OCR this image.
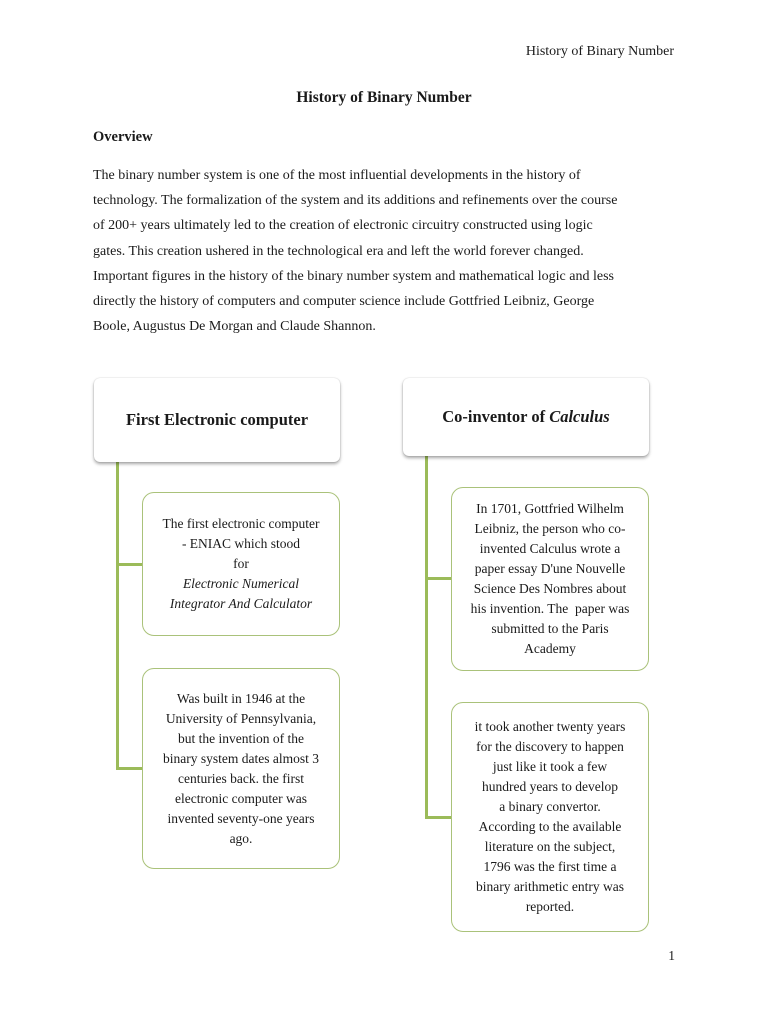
History of Binary Number
History of Binary Number
Overview
The binary number system is one of the most influential developments in the history of
technology. The formalization of the system and its additions and refinements over the course
of 200+ years ultimately led to the creation of electronic circuitry constructed using logic
gates. This creation ushered in the technological era and left the world forever changed.
Important figures in the history of the binary number system and mathematical logic and less
directly the history of computers and computer science include Gottfried Leibniz, George
Boole, Augustus De Morgan and Claude Shannon.
First Electronic computer	Co-inventor of Calculus
The first electronic computer
- ENIAC which stood
for
Electronic Numerical
Integrator And Calculator
Was built in 1946 at the
University of Pennsylvania,
but the invention of the
binary system dates almost 3
centuries back. the first
electronic computer was
invented seventy-one years
ago.
In 1701, Gottfried Wilhelm
Leibniz, the person who co-
invented Calculus wrote a
paper essay D'une Nouvelle
Science Des Nombres about
his invention. The  paper was
submitted to the Paris
Academy
it took another twenty years
for the discovery to happen
just like it took a few
hundred years to develop
a binary convertor.
According to the available
literature on the subject,
1796 was the first time a
binary arithmetic entry was
reported.
1
